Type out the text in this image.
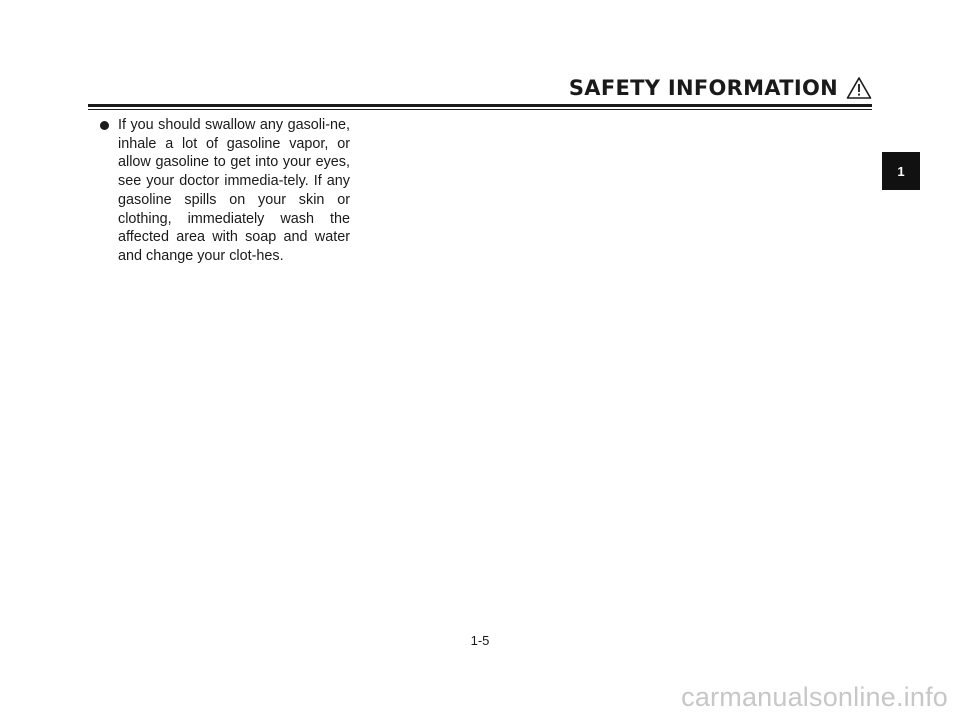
SAFETY INFORMATION
If you should swallow any gasoli-ne, inhale a lot of gasoline vapor, or allow gasoline to get into your eyes, see your doctor immedia-tely. If any gasoline spills on your skin or clothing, immediately wash the affected area with soap and water and change your clot-hes.
1
1-5
carmanualsonline.info
